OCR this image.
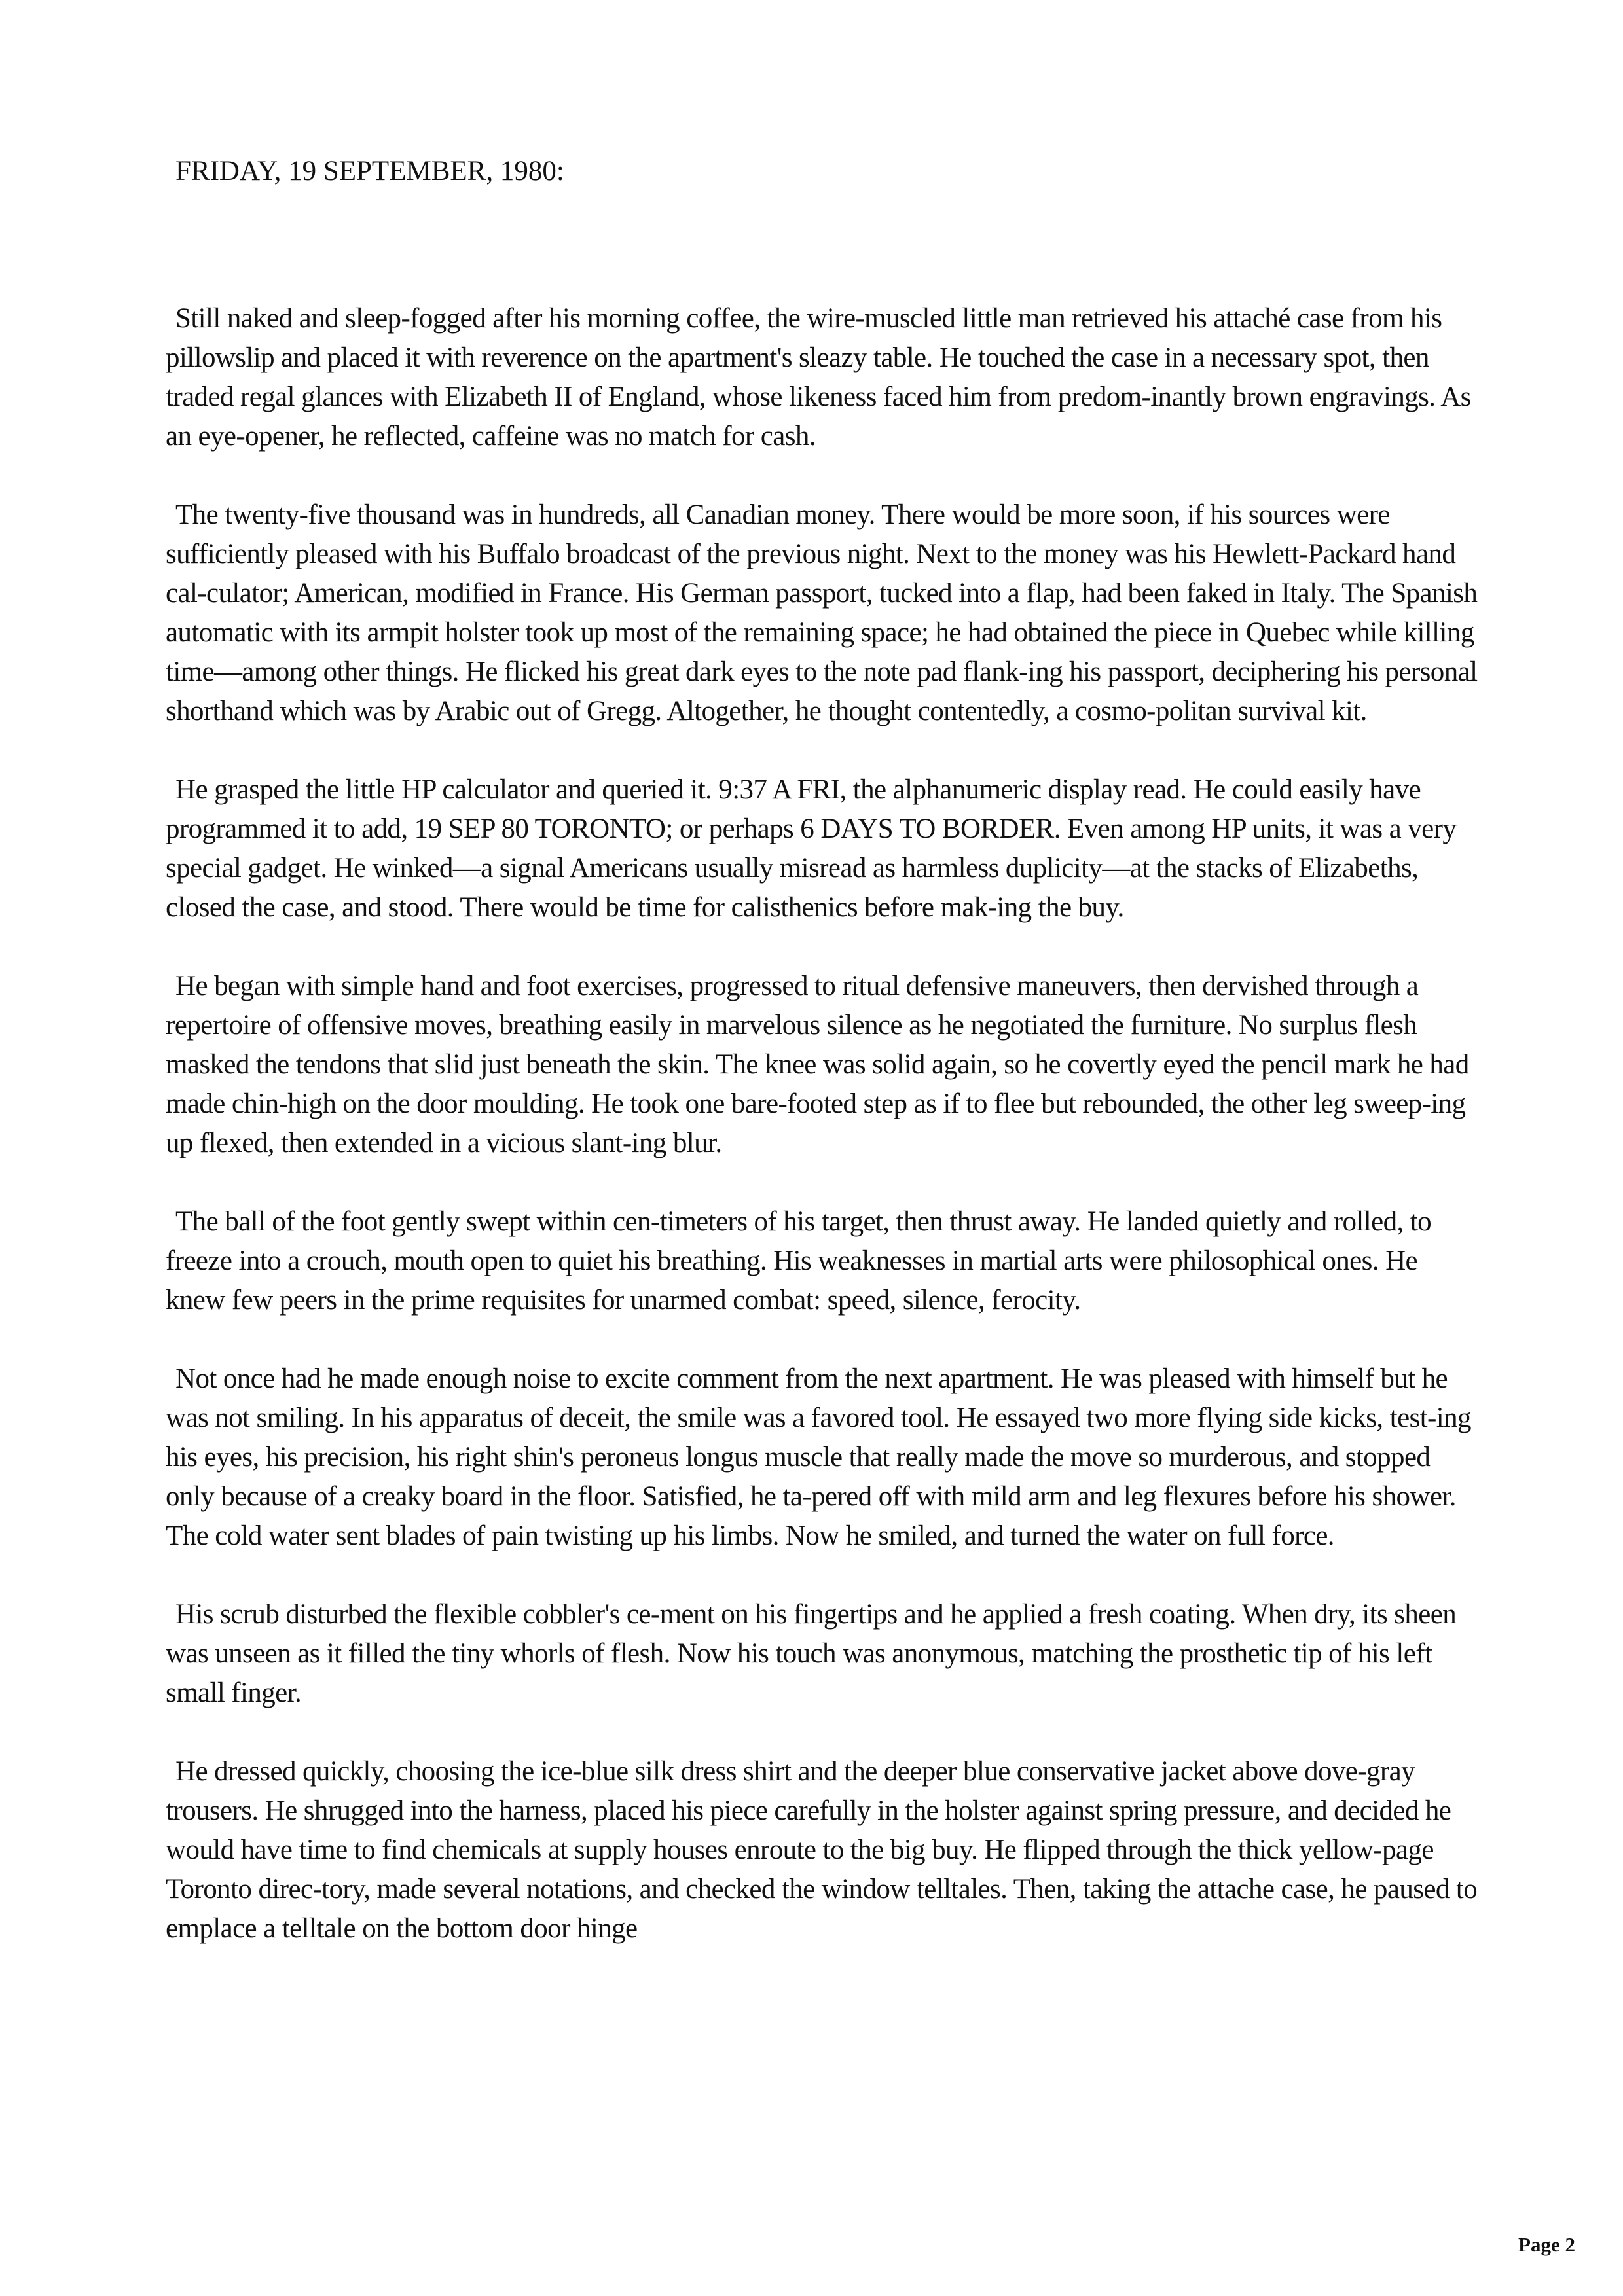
FRIDAY, 19 SEPTEMBER, 1980:

Still naked and sleep-fogged after his morning coffee, the wire-muscled little man retrieved his attaché case from his pillowslip and placed it with reverence on the apartment's sleazy table. He touched the case in a necessary spot, then traded regal glances with Elizabeth II of England, whose likeness faced him from predom-inantly brown engravings. As an eye-opener, he reflected, caffeine was no match for cash.

The twenty-five thousand was in hundreds, all Canadian money. There would be more soon, if his sources were sufficiently pleased with his Buffalo broadcast of the previous night. Next to the money was his Hewlett-Packard hand cal-culator; American, modified in France. His German passport, tucked into a flap, had been faked in Italy. The Spanish automatic with its armpit holster took up most of the remaining space; he had obtained the piece in Quebec while killing time—among other things. He flicked his great dark eyes to the note pad flank-ing his passport, deciphering his personal shorthand which was by Arabic out of Gregg. Altogether, he thought contentedly, a cosmo-politan survival kit.

He grasped the little HP calculator and queried it. 9:37 A FRI, the alphanumeric display read. He could easily have programmed it to add, 19 SEP 80 TORONTO; or perhaps 6 DAYS TO BORDER. Even among HP units, it was a very special gadget. He winked—a signal Americans usually misread as harmless duplicity—at the stacks of Elizabeths, closed the case, and stood. There would be time for calisthenics before mak-ing the buy.

He began with simple hand and foot exercises, progressed to ritual defensive maneuvers, then dervished through a repertoire of offensive moves, breathing easily in marvelous silence as he negotiated the furniture. No surplus flesh masked the tendons that slid just beneath the skin. The knee was solid again, so he covertly eyed the pencil mark he had made chin-high on the door moulding. He took one bare-footed step as if to flee but rebounded, the other leg sweep-ing up flexed, then extended in a vicious slant-ing blur.

The ball of the foot gently swept within cen-timeters of his target, then thrust away. He landed quietly and rolled, to freeze into a crouch, mouth open to quiet his breathing. His weaknesses in martial arts were philosophical ones. He knew few peers in the prime requisites for unarmed combat: speed, silence, ferocity.

Not once had he made enough noise to excite comment from the next apartment. He was pleased with himself but he was not smiling. In his apparatus of deceit, the smile was a favored tool. He essayed two more flying side kicks, test-ing his eyes, his precision, his right shin's peroneus longus muscle that really made the move so murderous, and stopped only because of a creaky board in the floor. Satisfied, he ta-pered off with mild arm and leg flexures before his shower. The cold water sent blades of pain twisting up his limbs. Now he smiled, and turned the water on full force.

His scrub disturbed the flexible cobbler's ce-ment on his fingertips and he applied a fresh coating. When dry, its sheen was unseen as it filled the tiny whorls of flesh. Now his touch was anonymous, matching the prosthetic tip of his left small finger.

He dressed quickly, choosing the ice-blue silk dress shirt and the deeper blue conservative jacket above dove-gray trousers. He shrugged into the harness, placed his piece carefully in the holster against spring pressure, and decided he would have time to find chemicals at supply houses enroute to the big buy. He flipped through the thick yellow-page Toronto direc-tory, made several notations, and checked the window telltales. Then, taking the attache case, he paused to emplace a telltale on the bottom door hinge

Page 2
